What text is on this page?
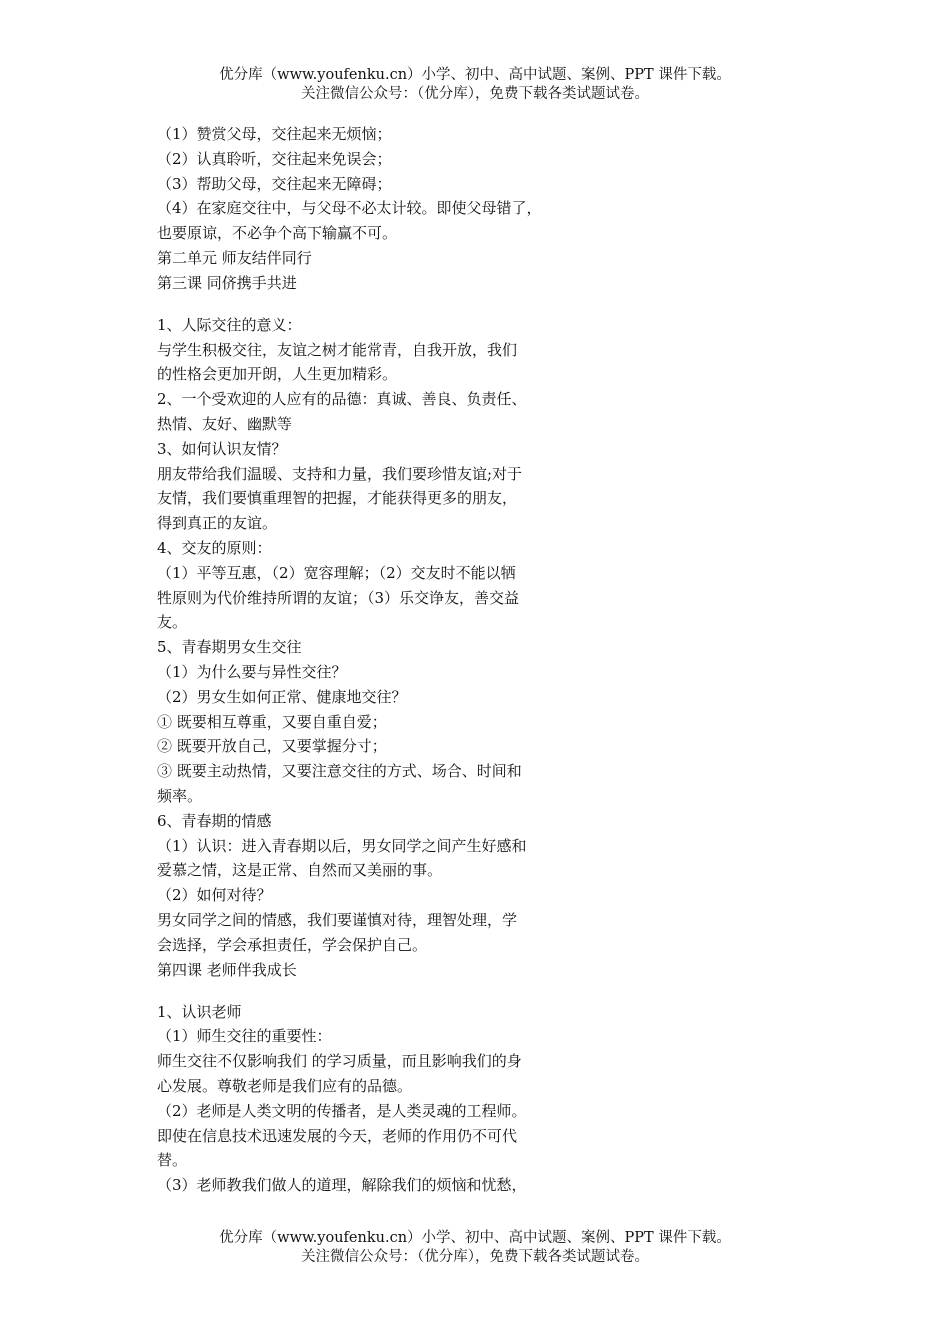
优分库（www.youfenku.cn）小学、初中、高中试题、案例、PPT 课件下载。
关注微信公众号：（优分库），免费下载各类试题试卷。
（1）赞赏父母，交往起来无烦恼；
（2）认真聆听，交往起来免误会；
（3）帮助父母，交往起来无障碍；
（4）在家庭交往中，与父母不必太计较。即使父母错了，
也要原谅，不必争个高下输赢不可。
第二单元 师友结伴同行
第三课 同侪携手共进
1、人际交往的意义：
与学生积极交往，友谊之树才能常青，自我开放，我们
的性格会更加开朗，人生更加精彩。
2、一个受欢迎的人应有的品德：真诚、善良、负责任、
热情、友好、幽默等
3、如何认识友情？
朋友带给我们温暖、支持和力量，我们要珍惜友谊;对于
友情，我们要慎重理智的把握，才能获得更多的朋友，
得到真正的友谊。
4、交友的原则：
（1）平等互惠，（2）宽容理解；（2）交友时不能以牺
牲原则为代价维持所谓的友谊；（3）乐交诤友，善交益
友。
5、青春期男女生交往
（1）为什么要与异性交往？
（2）男女生如何正常、健康地交往？
① 既要相互尊重，又要自重自爱；
② 既要开放自己，又要掌握分寸；
③ 既要主动热情，又要注意交往的方式、场合、时间和
频率。
6、青春期的情感
（1）认识：进入青春期以后，男女同学之间产生好感和
爱慕之情，这是正常、自然而又美丽的事。
（2）如何对待？
男女同学之间的情感，我们要谨慎对待，理智处理，学
会选择，学会承担责任，学会保护自己。
第四课 老师伴我成长
1、认识老师
（1）师生交往的重要性：
师生交往不仅影响我们 的学习质量，而且影响我们的身
心发展。尊敬老师是我们应有的品德。
（2）老师是人类文明的传播者，是人类灵魂的工程师。
即使在信息技术迅速发展的今天，老师的作用仍不可代
替。
（3）老师教我们做人的道理，解除我们的烦恼和忧愁，
优分库（www.youfenku.cn）小学、初中、高中试题、案例、PPT 课件下载。
关注微信公众号：（优分库），免费下载各类试题试卷。
